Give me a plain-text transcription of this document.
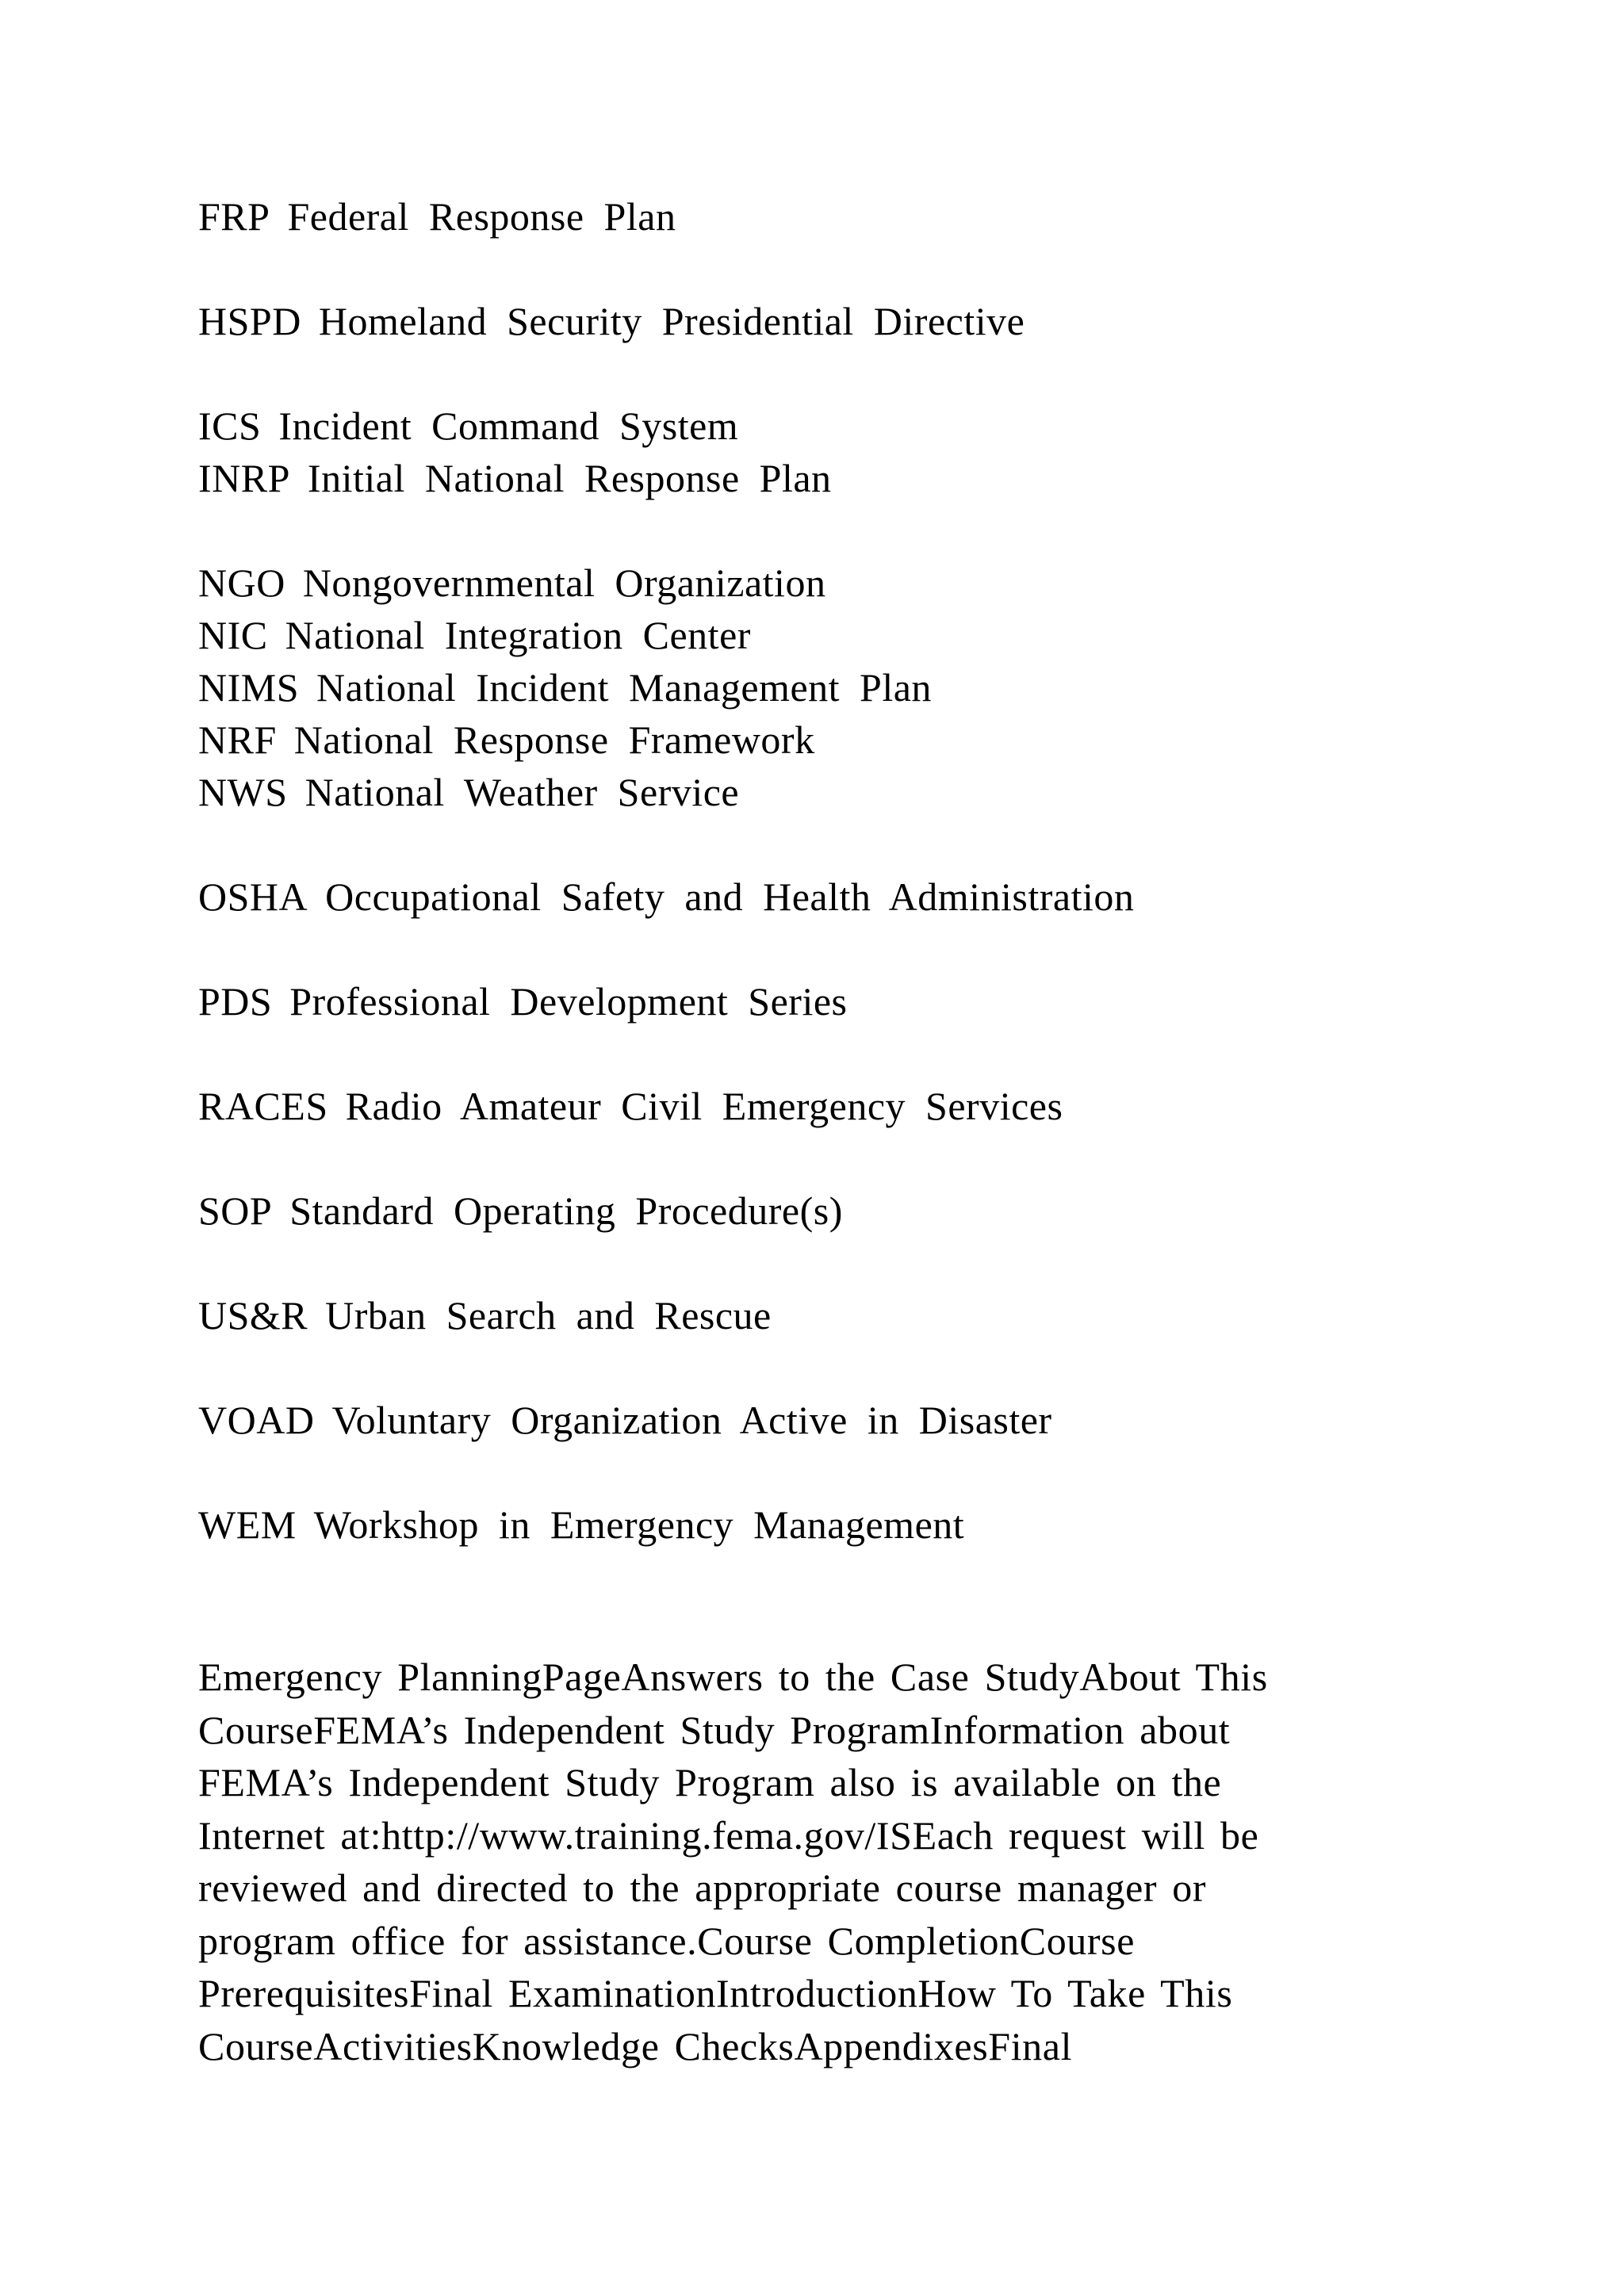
FRP Federal Response Plan
HSPD Homeland Security Presidential Directive
ICS Incident Command System
INRP Initial National Response Plan
NGO Nongovernmental Organization
NIC National Integration Center
NIMS National Incident Management Plan
NRF National Response Framework
NWS National Weather Service
OSHA Occupational Safety and Health Administration
PDS Professional Development Series
RACES Radio Amateur Civil Emergency Services
SOP Standard Operating Procedure(s)
US&R Urban Search and Rescue
VOAD Voluntary Organization Active in Disaster
WEM Workshop in Emergency Management
Emergency PlanningPageAnswers to the Case StudyAbout This
CourseFEMA’s Independent Study ProgramInformation about
FEMA’s Independent Study Program also is available on the
Internet at:http://www.training.fema.gov/ISEach request will be
reviewed and directed to the appropriate course manager or
program office for assistance.Course CompletionCourse
PrerequisitesFinal ExaminationIntroductionHow To Take This
CourseActivitiesKnowledge ChecksAppendixesFinal
